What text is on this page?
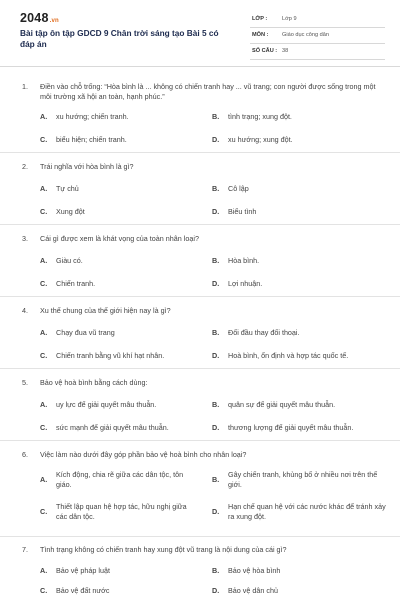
2048.vn
Bài tập ôn tập GDCD 9 Chân trời sáng tạo Bài 5 có đáp án
LỚP :	Lớp 9
MÔN : Giáo dục công dân
SỐ CÂU : 38
1. Điền vào chỗ trống: “Hòa bình là ... không có chiến tranh hay ... vũ trang; con người được sống trong một môi trường xã hội an toàn, hạnh phúc.”
A. xu hướng; chiến tranh.	B. tình trạng; xung đột.
C. biểu hiện; chiến tranh.	D. xu hướng; xung đột.
2. Trái nghĩa với hòa bình là gì?
A. Tự chủ	B. Cô lập
C. Xung đột	D. Biểu tình
3. Cái gì được xem là khát vọng của toàn nhân loại?
A. Giàu có.	B. Hòa bình.
C. Chiến tranh.	D. Lợi nhuận.
4. Xu thế chung của thế giới hiện nay là gì?
A. Chạy đua vũ trang	B. Đối đầu thay đối thoại.
C. Chiến tranh bằng vũ khí hạt nhân.	D. Hoà bình, ổn định và hợp tác quốc tế.
5. Bảo vệ hoà bình bằng cách dùng:
A. uy lực để giải quyết mâu thuẫn.	B. quân sự để giải quyết mâu thuẫn.
C. sức mạnh để giải quyết mâu thuẫn.	D. thương lượng để giải quyết mâu thuẫn.
6. Việc làm nào dưới đây góp phần bảo vệ hoà bình cho nhân loại?
A.
Kích động, chia rẽ giữa các dân tộc, tôn giáo.
B.
Gây chiến tranh, khủng bố ở nhiều nơi trên thế giới.
C.
Thiết lập quan hệ hợp tác, hữu nghị giữa các dân tộc.
D.
Hạn chế quan hệ với các nước khác để tránh xảy ra xung đột.
7. Tình trạng không có chiến tranh hay xung đột vũ trang là nội dung của cái gì?
A. Bảo vệ pháp luật	B. Bảo vệ hòa bình
C. Bảo vệ đất nước	D. Bảo vệ dân chủ
